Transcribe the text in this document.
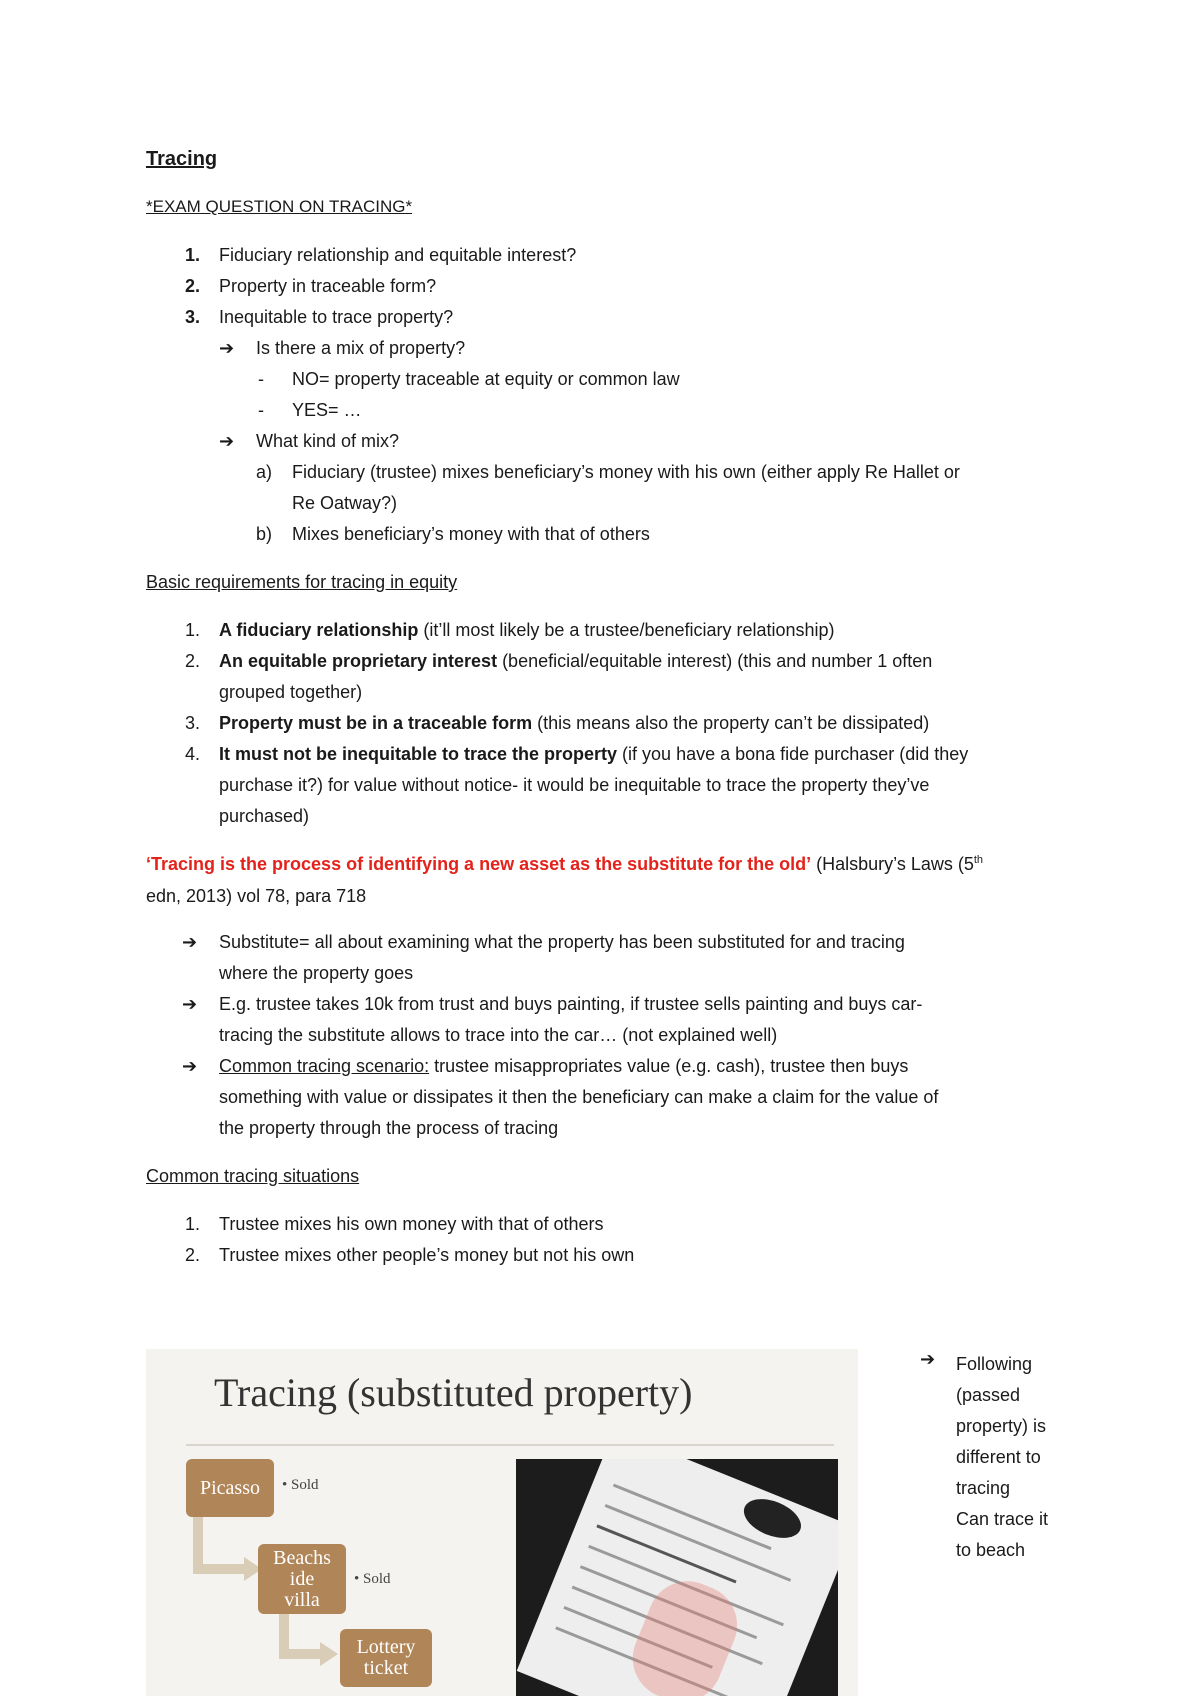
Tracing
*EXAM QUESTION ON TRACING*
1. Fiduciary relationship and equitable interest?
2. Property in traceable form?
3. Inequitable to trace property?
➔ Is there a mix of property?
- NO= property traceable at equity or common law
- YES= …
➔ What kind of mix?
a) Fiduciary (trustee) mixes beneficiary’s money with his own (either apply Re Hallet or
Re Oatway?)
b) Mixes beneficiary’s money with that of others
Basic requirements for tracing in equity
1. A fiduciary relationship (it’ll most likely be a trustee/beneficiary relationship)
2. An equitable proprietary interest (beneficial/equitable interest) (this and number 1 often
grouped together)
3. Property must be in a traceable form (this means also the property can’t be dissipated)
4. It must not be inequitable to trace the property (if you have a bona fide purchaser (did they
purchase it?) for value without notice- it would be inequitable to trace the property they’ve
purchased)
‘Tracing is the process of identifying a new asset as the substitute for the old’ (Halsbury’s Laws (5th
edn, 2013) vol 78, para 718
➔ Substitute= all about examining what the property has been substituted for and tracing
where the property goes
➔ E.g. trustee takes 10k from trust and buys painting, if trustee sells painting and buys car-
tracing the substitute allows to trace into the car… (not explained well)
➔ Common tracing scenario: trustee misappropriates value (e.g. cash), trustee then buys
something with value or dissipates it then the beneficiary can make a claim for the value of
the property through the process of tracing
Common tracing situations
1. Trustee mixes his own money with that of others
2. Trustee mixes other people’s money but not his own
Tracing (substituted property)
Picasso	• Sold
Beachs
ide
villa
• Sold
Lottery
ticket
➔ Following
(passed
property) is
different to
tracing
Can trace it
to beach
